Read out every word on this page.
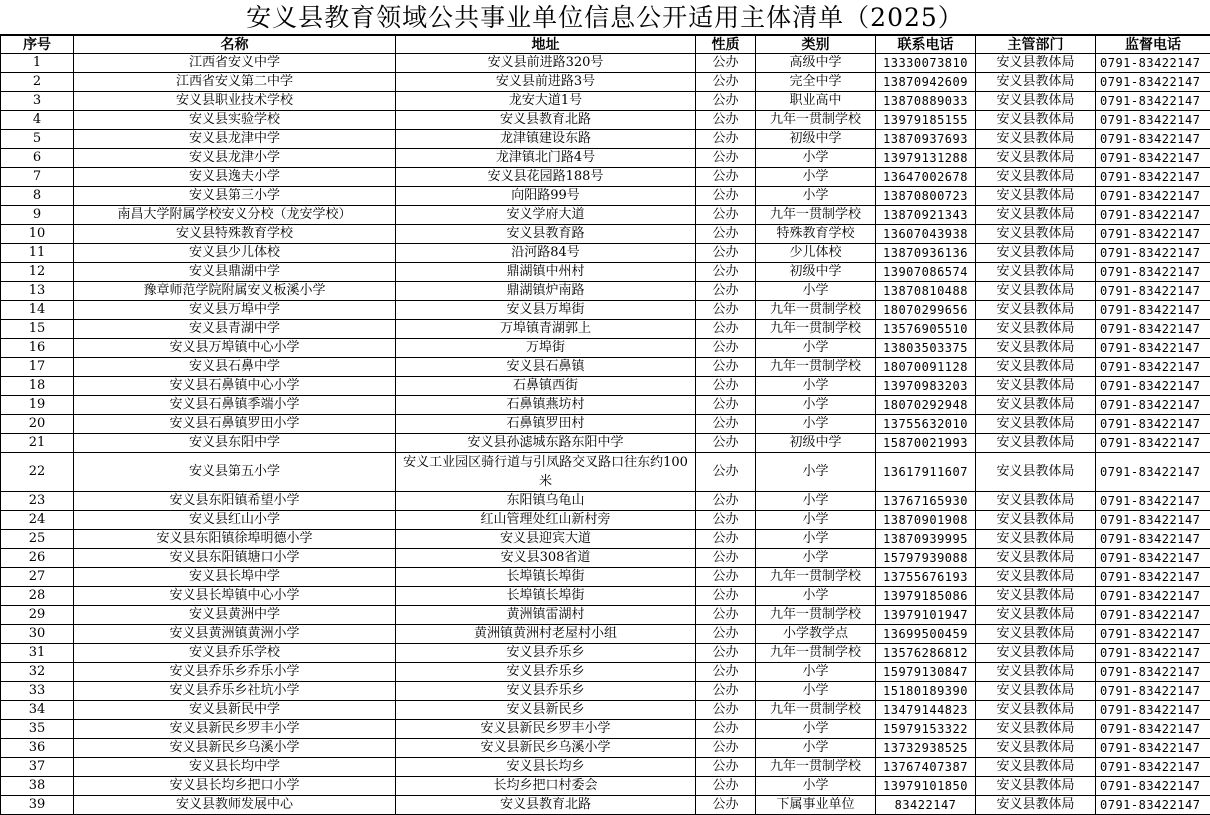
安义县教育领域公共事业单位信息公开适用主体清单（2025）
序号	名称	地址	性质	类别	联系电话	主管部门	监督电话
1	江西省安义中学	安义县前进路320号	公办	高级中学	13330073810	安义县教体局	0791-83422147
2	江西省安义第二中学	安义县前进路3号	公办	完全中学	13870942609	安义县教体局	0791-83422147
3	安义县职业技术学校	龙安大道1号	公办	职业高中	13870889033	安义县教体局	0791-83422147
4	安义县实验学校	安义县教育北路	公办	九年一贯制学校	13979185155	安义县教体局	0791-83422147
5	安义县龙津中学	龙津镇建设东路	公办	初级中学	13870937693	安义县教体局	0791-83422147
6	安义县龙津小学	龙津镇北门路4号	公办	小学	13979131288	安义县教体局	0791-83422147
7	安义县逸夫小学	安义县花园路188号	公办	小学	13647002678	安义县教体局	0791-83422147
8	安义县第三小学	向阳路99号	公办	小学	13870800723	安义县教体局	0791-83422147
9	南昌大学附属学校安义分校（龙安学校）	安义学府大道	公办	九年一贯制学校	13870921343	安义县教体局	0791-83422147
10	安义县特殊教育学校	安义县教育路	公办	特殊教育学校	13607043938	安义县教体局	0791-83422147
11	安义县少儿体校	沿河路84号	公办	少儿体校	13870936136	安义县教体局	0791-83422147
12	安义县鼎湖中学	鼎湖镇中州村	公办	初级中学	13907086574	安义县教体局	0791-83422147
13	豫章师范学院附属安义板溪小学	鼎湖镇炉南路	公办	小学	13870810488	安义县教体局	0791-83422147
14	安义县万埠中学	安义县万埠街	公办	九年一贯制学校	18070299656	安义县教体局	0791-83422147
15	安义县青湖中学	万埠镇青湖郭上	公办	九年一贯制学校	13576905510	安义县教体局	0791-83422147
16	安义县万埠镇中心小学	万埠街	公办	小学	13803503375	安义县教体局	0791-83422147
17	安义县石鼻中学	安义县石鼻镇	公办	九年一贯制学校	18070091128	安义县教体局	0791-83422147
18	安义县石鼻镇中心小学	石鼻镇西街	公办	小学	13970983203	安义县教体局	0791-83422147
19	安义县石鼻镇季端小学	石鼻镇燕坊村	公办	小学	18070292948	安义县教体局	0791-83422147
20	安义县石鼻镇罗田小学	石鼻镇罗田村	公办	小学	13755632010	安义县教体局	0791-83422147
21	安义县东阳中学	安义县孙滤城东路东阳中学	公办	初级中学	15870021993	安义县教体局	0791-83422147
22	安义县第五小学	安义工业园区骑行道与引凤路交叉路口往东约100米	公办	小学	13617911607	安义县教体局	0791-83422147
23	安义县东阳镇希望小学	东阳镇乌龟山	公办	小学	13767165930	安义县教体局	0791-83422147
24	安义县红山小学	红山管理处红山新村旁	公办	小学	13870901908	安义县教体局	0791-83422147
25	安义县东阳镇徐埠明德小学	安义县迎宾大道	公办	小学	13870939995	安义县教体局	0791-83422147
26	安义县东阳镇塘口小学	安义县308省道	公办	小学	15797939088	安义县教体局	0791-83422147
27	安义县长埠中学	长埠镇长埠街	公办	九年一贯制学校	13755676193	安义县教体局	0791-83422147
28	安义县长埠镇中心小学	长埠镇长埠街	公办	小学	13979185086	安义县教体局	0791-83422147
29	安义县黄洲中学	黄洲镇雷湖村	公办	九年一贯制学校	13979101947	安义县教体局	0791-83422147
30	安义县黄洲镇黄洲小学	黄洲镇黄洲村老屋村小组	公办	小学教学点	13699500459	安义县教体局	0791-83422147
31	安义县乔乐学校	安义县乔乐乡	公办	九年一贯制学校	13576286812	安义县教体局	0791-83422147
32	安义县乔乐乡乔乐小学	安义县乔乐乡	公办	小学	15979130847	安义县教体局	0791-83422147
33	安义县乔乐乡社坑小学	安义县乔乐乡	公办	小学	15180189390	安义县教体局	0791-83422147
34	安义县新民中学	安义县新民乡	公办	九年一贯制学校	13479144823	安义县教体局	0791-83422147
35	安义县新民乡罗丰小学	安义县新民乡罗丰小学	公办	小学	15979153322	安义县教体局	0791-83422147
36	安义县新民乡乌溪小学	安义县新民乡乌溪小学	公办	小学	13732938525	安义县教体局	0791-83422147
37	安义县长均中学	安义县长均乡	公办	九年一贯制学校	13767407387	安义县教体局	0791-83422147
38	安义县长均乡把口小学	长均乡把口村委会	公办	小学	13979101850	安义县教体局	0791-83422147
39	安义县教师发展中心	安义县教育北路	公办	下属事业单位	83422147	安义县教体局	0791-83422147
